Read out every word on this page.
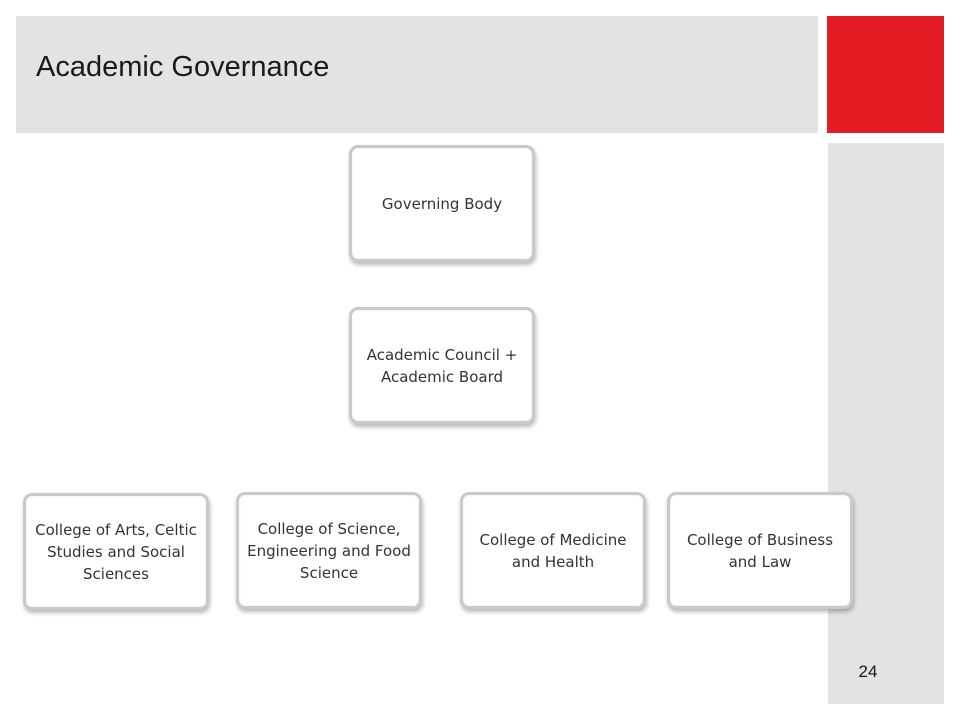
Academic Governance
24
Governing Body
Academic Council + Academic Board
College of Arts, Celtic Studies and Social Sciences
College of Science, Engineering and Food Science
College of Medicine and Health
College of Business and Law
